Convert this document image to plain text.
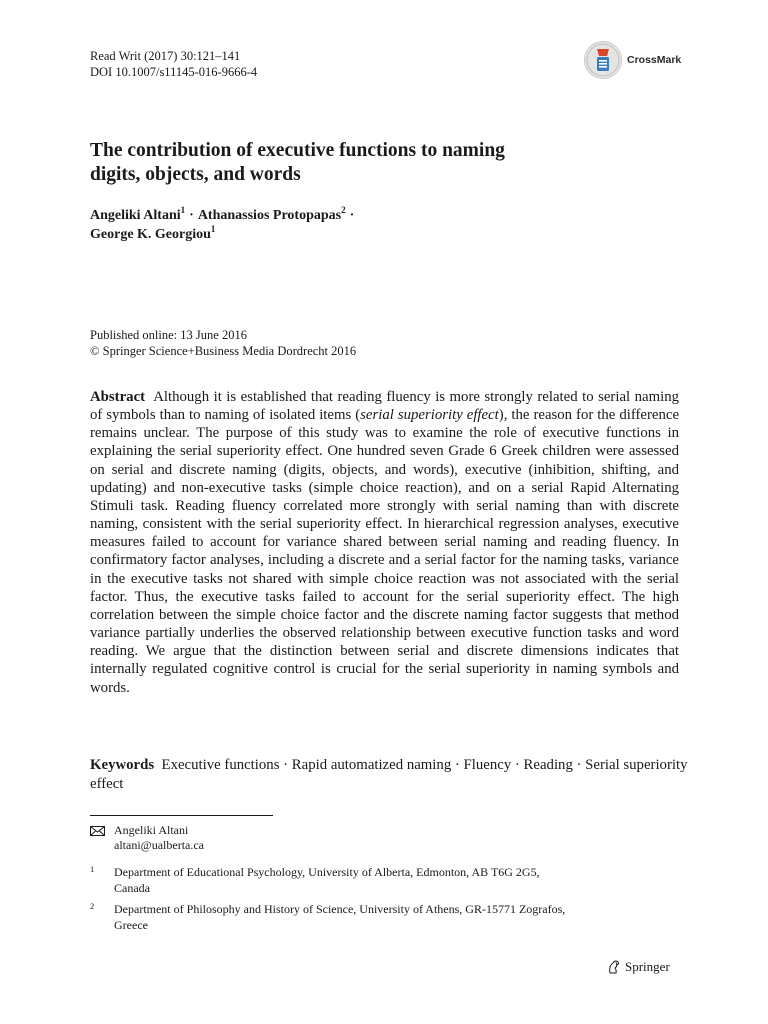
Read Writ (2017) 30:121–141
DOI 10.1007/s11145-016-9666-4
CrossMark
The contribution of executive functions to naming
digits, objects, and words
Angeliki Altani$^1$ · Athanassios Protopapas$^2$ ·
George K. Georgiou$^1$
Published online: 13 June 2016
© Springer Science+Business Media Dordrecht 2016

Abstract Although it is established that reading fluency is more strongly related to serial naming of symbols than to naming of isolated items (serial superiority effect), the reason for the difference remains unclear. The purpose of this study was to examine the role of executive functions in explaining the serial superiority effect. One hundred seven Grade 6 Greek children were assessed on serial and discrete naming (digits, objects, and words), executive (inhibition, shifting, and updating) and non-executive tasks (simple choice reaction), and on a serial Rapid Alternating Stimuli task. Reading fluency correlated more strongly with serial naming than with discrete naming, consistent with the serial superiority effect. In hierarchical regression analyses, executive measures failed to account for variance shared between serial naming and reading fluency. In confirmatory factor analyses, including a discrete and a serial factor for the naming tasks, variance in the executive tasks not shared with simple choice reaction was not associated with the serial factor. Thus, the executive tasks failed to account for the serial superiority effect. The high correlation between the simple choice factor and the discrete naming factor suggests that method variance partially underlies the observed relationship between executive function tasks and word reading. We argue that the distinction between serial and discrete dimensions indicates that internally regulated cognitive control is crucial for the serial superiority in naming symbols and words.

Keywords Executive functions · Rapid automatized naming · Fluency · Reading · Serial superiority effect

Angeliki Altani
altani@ualberta.ca
1 Department of Educational Psychology, University of Alberta, Edmonton, AB T6G 2G5,
Canada
2 Department of Philosophy and History of Science, University of Athens, GR-15771 Zografos,
Greece
Springer
